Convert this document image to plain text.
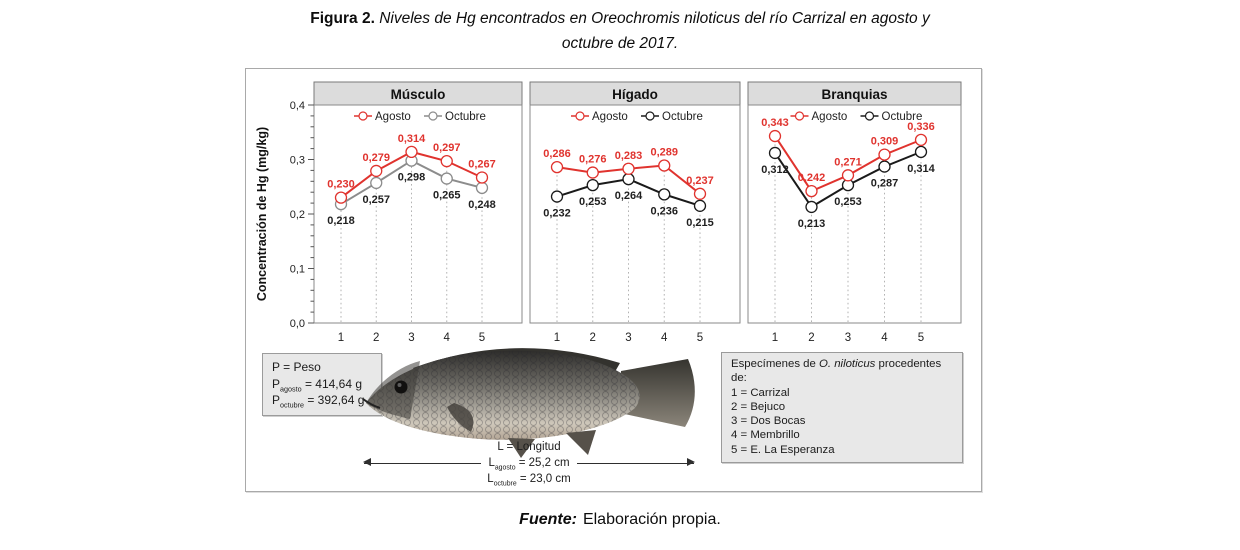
Figura 2. Niveles de Hg encontrados en Oreochromis niloticus del río Carrizal en agosto y
octubre de 2017.
Músculo
0,0
0,1
0,2
0,3
0,4
Concentración de Hg (mg/kg)
1	2	3	4	5
0,230
0,279
0,314
0,297
0,267
0,218
0,257
0,298
0,265
0,248
Agosto	Octubre
Hígado
1	2	3	4	5
0,286 0,276 0,283 0,289
0,237
0,232
0,253 0,264
0,236
0,215
Agosto	Octubre
Branquias
1	2	3	4	5
0,343
0,242
0,271
0,309
0,336
0,312
0,213
0,253
0,287
0,314
Agosto	Octubre
P = Peso
$P_{agosto} = 414,64$ g
$P_{octubre} = 392,64$ g
L = Longitud
$L_{agosto} = 25,2$ cm
$L_{octubre} = 23,0$ cm
Especímenes de O. niloticus procedentes de:
1 = Carrizal
2 = Bejuco
3 = Dos Bocas
4 = Membrillo
5 = E. La Esperanza
Fuente: Elaboración propia.
